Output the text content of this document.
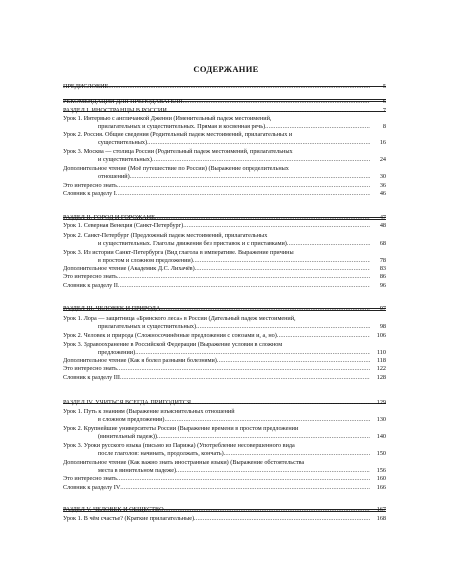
СОДЕРЖАНИЕ
ПРЕДИСЛОВИЕ .....	5
РЕКОМЕНДАЦИИ ДЛЯ ПРЕПОДАВАТЕЛЯ .....	6
РАЗДЕЛ I. ИНОСТРАНЦЫ В РОССИИ .....	7
Урок 1. Интервью с англичанкой Дженни (Именительный падеж местоимений,
прилагательных и существительных. Прямая и косвенная речь) .....	8
Урок 2. Россия. Общие сведения (Родительный падеж местоимений, прилагательных и
существительных) .....	16
Урок 3. Москва — столица России (Родительный падеж местоимений, прилагательных
и существительных) .....	24
Дополнительное чтение (Моё путешествие по России) (Выражение определительных
отношений) .....	30
Это интересно знать .....	36
Словник к разделу I .....	46
РАЗДЕЛ II. ГОРОД И ГОРОЖАНЕ .....	47
Урок 1. Северная Венеция (Санкт-Петербург) .....	48
Урок 2. Санкт-Петербург (Предложный падеж местоимений, прилагательных
и существительных. Глаголы движения без приставок и с приставками) .....	68
Урок 3. Из истории Санкт-Петербурга (Вид глагола в императиве. Выражение причины
в простом и сложном предложении) .....	78
Дополнительное чтение (Академик Д.С. Лихачёв) .....	83
Это интересно знать .....	86
Словник к разделу II .....	96
РАЗДЕЛ III. ЧЕЛОВЕК И ПРИРОДА .....	97
Урок 1. Лора — защитница «Брянского леса» в России (Дательный падеж местоимений,
прилагательных и существительных) .....	98
Урок 2. Человек и природа (Сложносочинённые предложения с союзами и, а, но) .....	106
Урок 3. Здравоохранение в Российской Федерации (Выражение условия в сложном
предложении) .....	110
Дополнительное чтение (Как я болел разными болезнями) .....	118
Это интересно знать .....	122
Словник к разделу III .....	128
РАЗДЕЛ IV. УЧИТЬСЯ ВСЕГДА ПРИГОДИТСЯ .....	129
Урок 1. Путь к знаниям (Выражение изъяснительных отношений
в сложном предложении) .....	130
Урок 2. Крупнейшие университеты России (Выражение времени в простом предложении
(винительный падеж)) .....	140
Урок 3. Уроки русского языка (письмо из Парижа) (Употребление несовершенного вида
после глаголов: начинать, продолжать, кончать) .....	150
Дополнительное чтение (Как важно знать иностранные языки) (Выражение обстоятельства
места в винительном падеже) .....	156
Это интересно знать .....	160
Словник к разделу IV .....	166
РАЗДЕЛ V. ЧЕЛОВЕК И ОБЩЕСТВО .....	167
Урок 1. В чём счастье? (Краткие прилагательные) .....	168
